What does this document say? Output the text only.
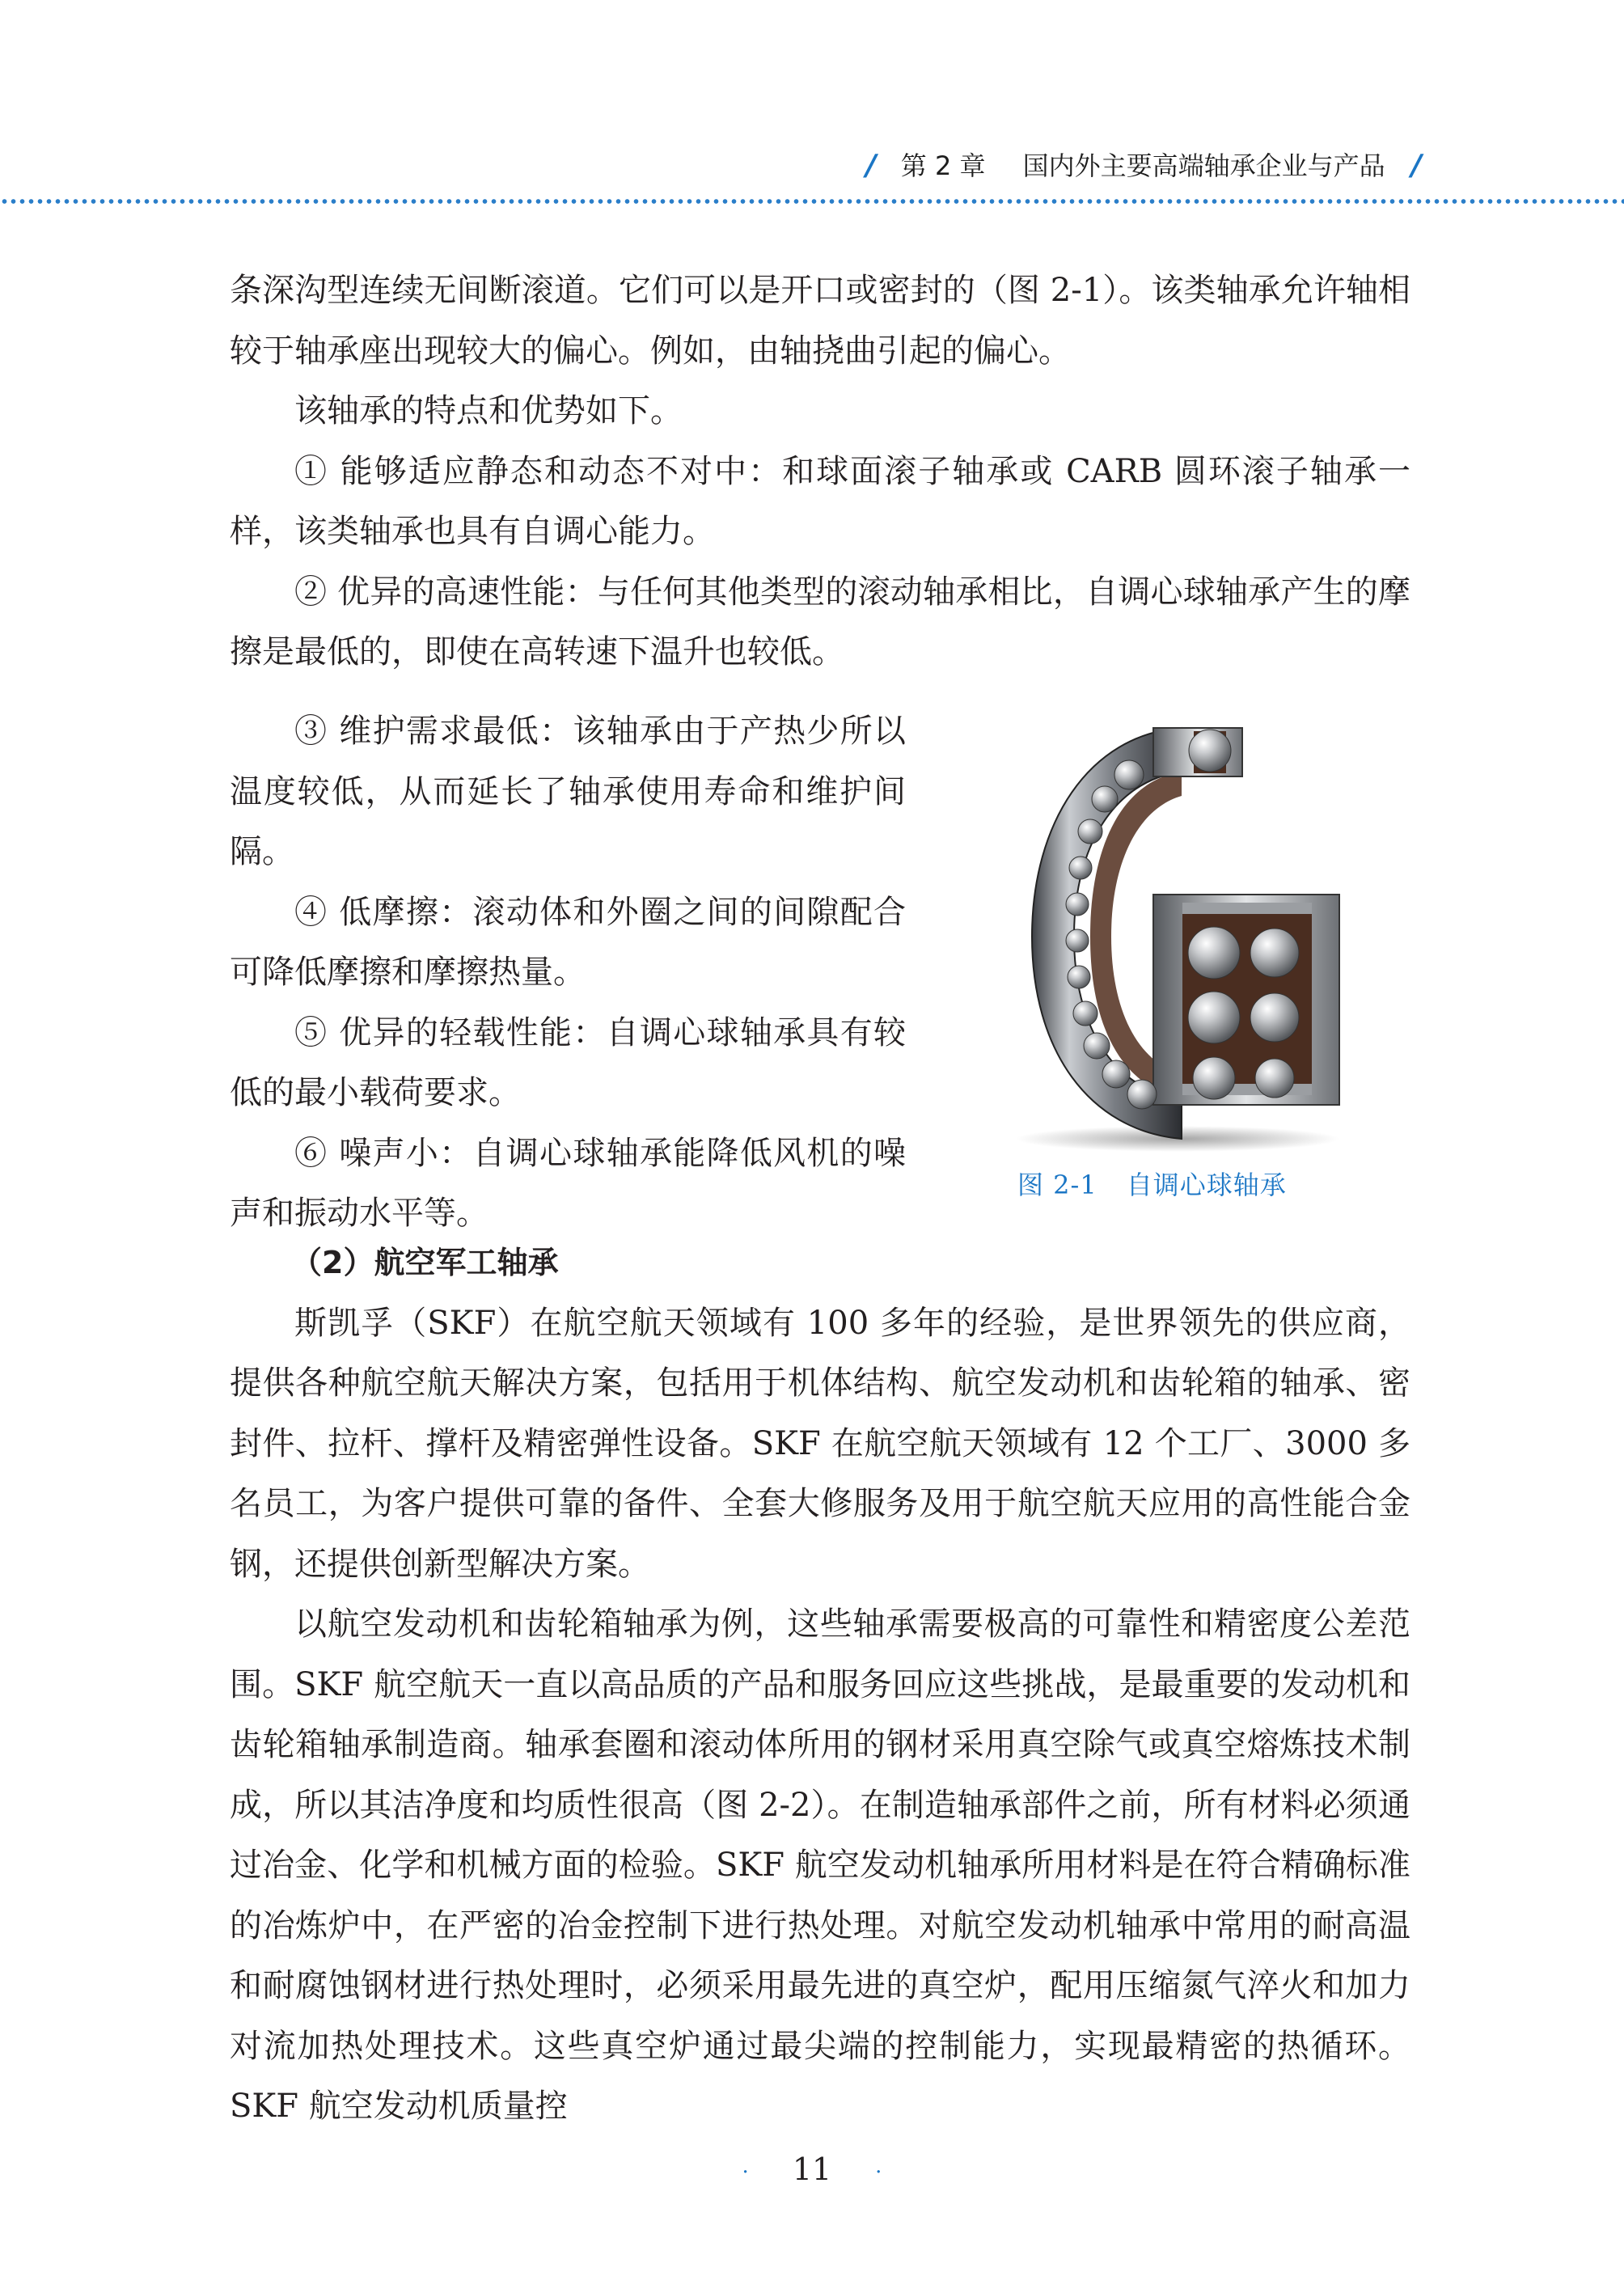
/ 第 2 章 国内外主要高端轴承企业与产品 /

条深沟型连续无间断滚道。它们可以是开口或密封的（图 2-1）。该类轴承允许轴相较于轴承座出现较大的偏心。例如，由轴挠曲引起的偏心。

该轴承的特点和优势如下。

① 能够适应静态和动态不对中：和球面滚子轴承或 CARB 圆环滚子轴承一样，该类轴承也具有自调心能力。

② 优异的高速性能：与任何其他类型的滚动轴承相比，自调心球轴承产生的摩擦是最低的，即使在高转速下温升也较低。

③ 维护需求最低：该轴承由于产热少所以温度较低，从而延长了轴承使用寿命和维护间隔。

④ 低摩擦：滚动体和外圈之间的间隙配合可降低摩擦和摩擦热量。

⑤ 优异的轻载性能：自调心球轴承具有较低的最小载荷要求。

⑥ 噪声小：自调心球轴承能降低风机的噪声和振动水平等。

图 2-1 自调心球轴承

（2）航空军工轴承

斯凯孚（SKF）在航空航天领域有 100 多年的经验，是世界领先的供应商，提供各种航空航天解决方案，包括用于机体结构、航空发动机和齿轮箱的轴承、密封件、拉杆、撑杆及精密弹性设备。SKF 在航空航天领域有 12 个工厂、3000 多名员工，为客户提供可靠的备件、全套大修服务及用于航空航天应用的高性能合金钢，还提供创新型解决方案。

以航空发动机和齿轮箱轴承为例，这些轴承需要极高的可靠性和精密度公差范围。SKF 航空航天一直以高品质的产品和服务回应这些挑战，是最重要的发动机和齿轮箱轴承制造商。轴承套圈和滚动体所用的钢材采用真空除气或真空熔炼技术制成，所以其洁净度和均质性很高（图 2-2）。在制造轴承部件之前，所有材料必须通过冶金、化学和机械方面的检验。SKF 航空发动机轴承所用材料是在符合精确标准的冶炼炉中，在严密的冶金控制下进行热处理。对航空发动机轴承中常用的耐高温和耐腐蚀钢材进行热处理时，必须采用最先进的真空炉，配用压缩氮气淬火和加力对流加热处理技术。这些真空炉通过最尖端的控制能力，实现最精密的热循环。SKF 航空发动机质量控

· 11 ·
